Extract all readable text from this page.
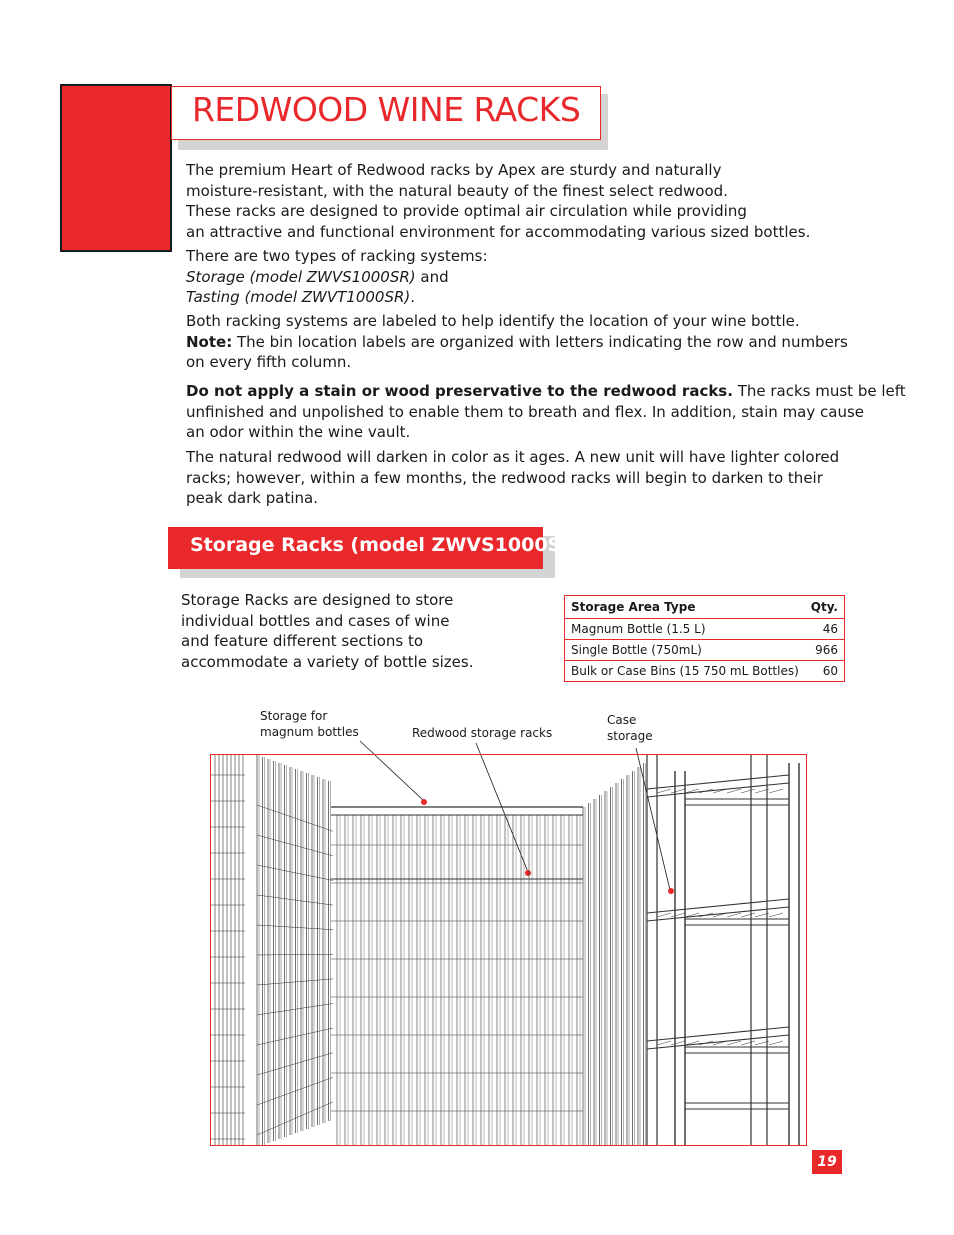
REDWOOD WINE RACKS
The premium Heart of Redwood racks by Apex are sturdy and naturally
moisture-resistant, with the natural beauty of the finest select redwood.
These racks are designed to provide optimal air circulation while providing
an attractive and functional environment for accommodating various sized bottles.
There are two types of racking systems:
Storage (model ZWVS1000SR) and
Tasting (model ZWVT1000SR).
Both racking systems are labeled to help identify the location of your wine bottle.
Note: The bin location labels are organized with letters indicating the row and numbers
on every fifth column.
Do not apply a stain or wood preservative to the redwood racks. The racks must be left
unfinished and unpolished to enable them to breath and flex. In addition, stain may cause
an odor within the wine vault.
The natural redwood will darken in color as it ages. A new unit will have lighter colored
racks; however, within a few months, the redwood racks will begin to darken to their
peak dark patina.
Storage Racks (model ZWVS1000SR)
Storage Racks are designed to store
individual bottles and cases of wine
and feature different sections to
accommodate a variety of bottle sizes.
Storage Area Type	Qty.
Magnum Bottle (1.5 L)	46
Single Bottle (750mL)	966
Bulk or Case Bins (15 750 mL Bottles)	60
Storage for
magnum bottles	Redwood storage racks
Case
storage
19
